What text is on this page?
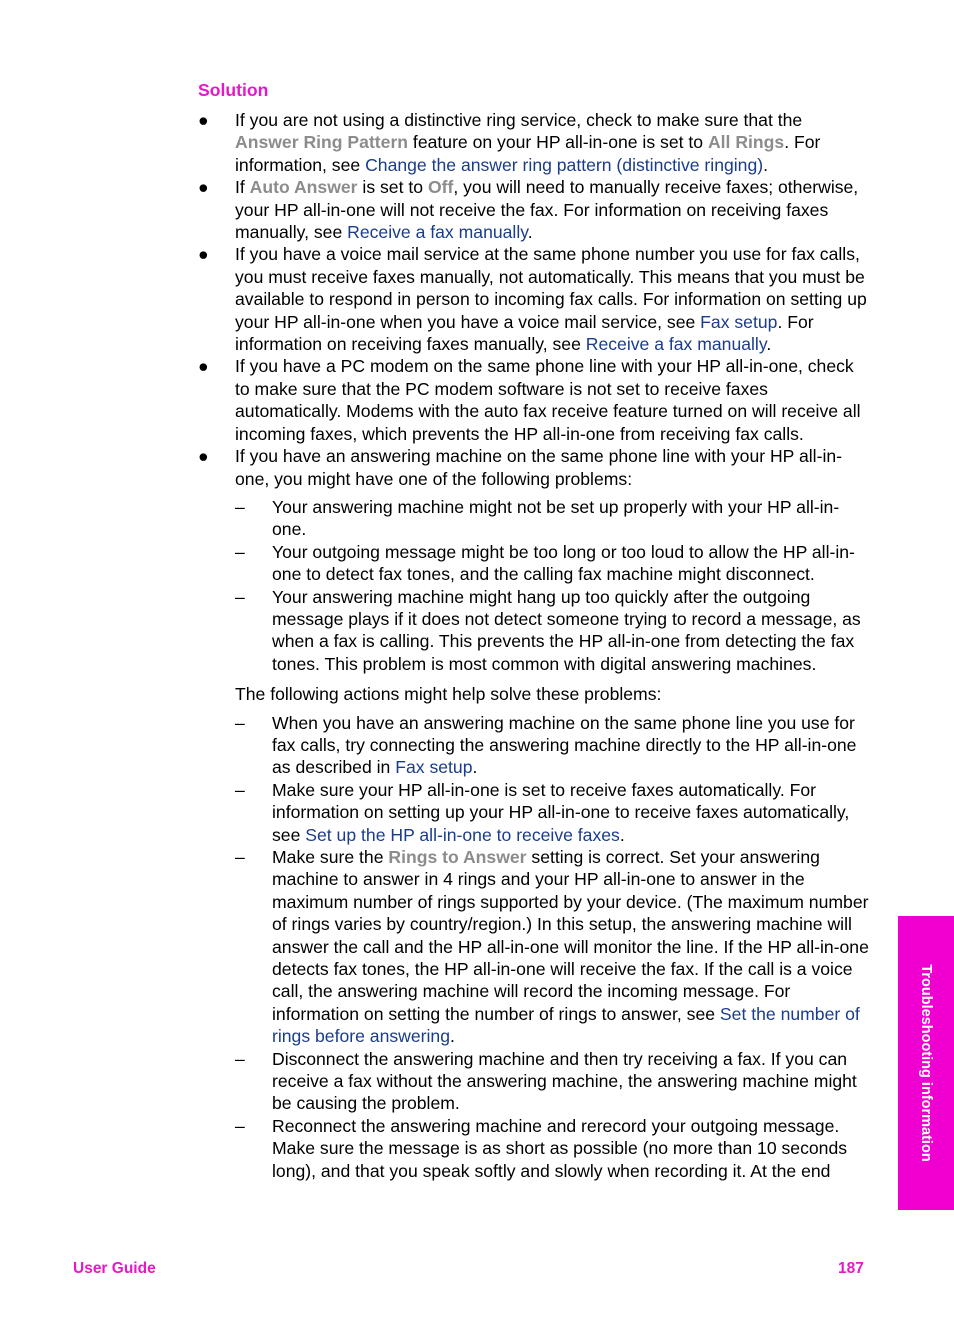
Solution
● If you are not using a distinctive ring service, check to make sure that the Answer Ring Pattern feature on your HP all-in-one is set to All Rings. For information, see Change the answer ring pattern (distinctive ringing).
● If Auto Answer is set to Off, you will need to manually receive faxes; otherwise, your HP all-in-one will not receive the fax. For information on receiving faxes manually, see Receive a fax manually.
● If you have a voice mail service at the same phone number you use for fax calls, you must receive faxes manually, not automatically. This means that you must be available to respond in person to incoming fax calls. For information on setting up your HP all-in-one when you have a voice mail service, see Fax setup. For information on receiving faxes manually, see Receive a fax manually.
● If you have a PC modem on the same phone line with your HP all-in-one, check to make sure that the PC modem software is not set to receive faxes automatically. Modems with the auto fax receive feature turned on will receive all incoming faxes, which prevents the HP all-in-one from receiving fax calls.
● If you have an answering machine on the same phone line with your HP all-in-one, you might have one of the following problems:
– Your answering machine might not be set up properly with your HP all-in-one.
– Your outgoing message might be too long or too loud to allow the HP all-in-one to detect fax tones, and the calling fax machine might disconnect.
– Your answering machine might hang up too quickly after the outgoing message plays if it does not detect someone trying to record a message, as when a fax is calling. This prevents the HP all-in-one from detecting the fax tones. This problem is most common with digital answering machines.

The following actions might help solve these problems:

– When you have an answering machine on the same phone line you use for fax calls, try connecting the answering machine directly to the HP all-in-one as described in Fax setup.
– Make sure your HP all-in-one is set to receive faxes automatically. For information on setting up your HP all-in-one to receive faxes automatically, see Set up the HP all-in-one to receive faxes.
– Make sure the Rings to Answer setting is correct. Set your answering machine to answer in 4 rings and your HP all-in-one to answer in the maximum number of rings supported by your device. (The maximum number of rings varies by country/region.) In this setup, the answering machine will answer the call and the HP all-in-one will monitor the line. If the HP all-in-one detects fax tones, the HP all-in-one will receive the fax. If the call is a voice call, the answering machine will record the incoming message. For information on setting the number of rings to answer, see Set the number of rings before answering.
– Disconnect the answering machine and then try receiving a fax. If you can receive a fax without the answering machine, the answering machine might be causing the problem.
– Reconnect the answering machine and rerecord your outgoing message. Make sure the message is as short as possible (no more than 10 seconds long), and that you speak softly and slowly when recording it. At the end
Troubleshooting information
User Guide	187
